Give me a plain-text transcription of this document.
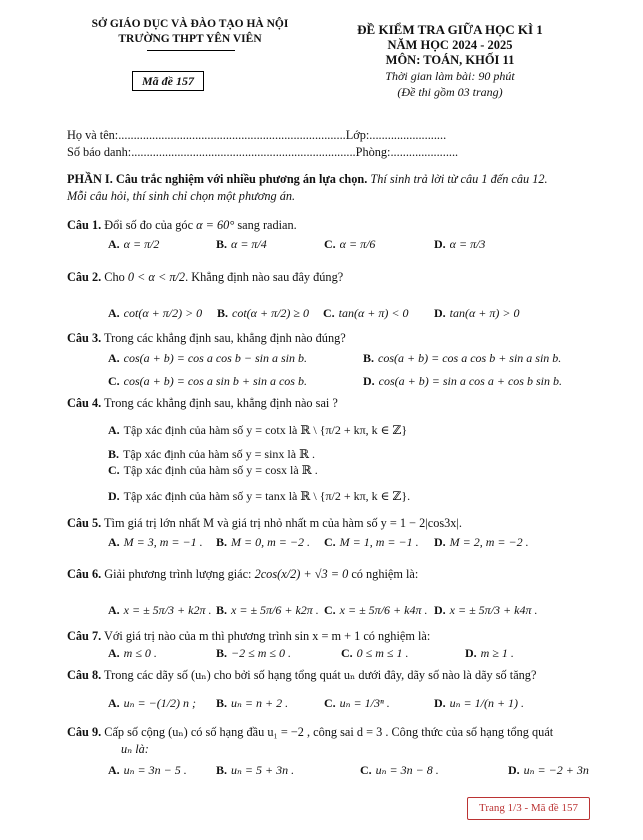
SỞ GIÁO DỤC VÀ ĐÀO TẠO HÀ NỘI
TRƯỜNG THPT YÊN VIÊN
Mã đề 157
ĐỀ KIỂM TRA GIỮA HỌC KÌ 1
NĂM HỌC 2024 - 2025
MÔN: TOÁN, KHỐI 11
Thời gian làm bài: 90 phút
(Đề thi gồm 03 trang)
Họ và tên:..........................................................................Lớp:.........................
Số báo danh:.........................................................................Phòng:......................
PHẦN I. Câu trắc nghiệm với nhiều phương án lựa chọn. Thí sinh trả lời từ câu 1 đến câu 12.
Mỗi câu hỏi, thí sinh chỉ chọn một phương án.
Câu 1. Đổi số đo của góc α = 60° sang radian.
A. α = π/2	B. α = π/4	C. α = π/6	D. α = π/3
Câu 2. Cho 0 < α < π/2. Khẳng định nào sau đây đúng?
A. cot(α + π/2) > 0 B. cot(α + π/2) ≥ 0 C. tan(α + π) < 0 D. tan(α + π) > 0
Câu 3. Trong các khẳng định sau, khẳng định nào đúng?
A. cos(a + b) = cos a cos b − sin a sin b.	B. cos(a + b) = cos a cos b + sin a sin b.
C. cos(a + b) = cos a sin b + sin a cos b.	D. cos(a + b) = sin a cos a + cos b sin b.
Câu 4. Trong các khẳng định sau, khẳng định nào sai ?
A. Tập xác định của hàm số y = cotx là ℝ \ {π/2 + kπ, k ∈ ℤ}
B. Tập xác định của hàm số y = sinx là ℝ .
C. Tập xác định của hàm số y = cosx là ℝ .
D. Tập xác định của hàm số y = tanx là ℝ \ {π/2 + kπ, k ∈ ℤ}.
Câu 5. Tìm giá trị lớn nhất M và giá trị nhỏ nhất m của hàm số y = 1 − 2|cos3x|.
A. M = 3, m = −1 . B. M = 0, m = −2 . C. M = 1, m = −1 . D. M = 2, m = −2 .
Câu 6. Giải phương trình lượng giác: 2cos(x/2) + √3 = 0 có nghiệm là:
A. x = ± 5π/3 + k2π . B. x = ± 5π/6 + k2π . C. x = ± 5π/6 + k4π . D. x = ± 5π/3 + k4π .
Câu 7. Với giá trị nào của m thì phương trình sin x = m + 1 có nghiệm là:
A. m ≤ 0 .	B. −2 ≤ m ≤ 0 .	C. 0 ≤ m ≤ 1 .	D. m ≥ 1 .
Câu 8. Trong các dãy số (uₙ) cho bởi số hạng tổng quát uₙ dưới đây, dãy số nào là dãy số tăng?
A. uₙ = −(1/2) n ; B. uₙ = n + 2 .	C. uₙ = 1/3ⁿ .	D. uₙ = 1/(n + 1) .
Câu 9. Cấp số cộng (uₙ) có số hạng đầu u₁ = −2 , công sai d = 3 . Công thức của số hạng tổng quát
uₙ là:
A. uₙ = 3n − 5 . B. uₙ = 5 + 3n .	C. uₙ = 3n − 8 .	D. uₙ = −2 + 3n
Trang 1/3 - Mã đề 157
